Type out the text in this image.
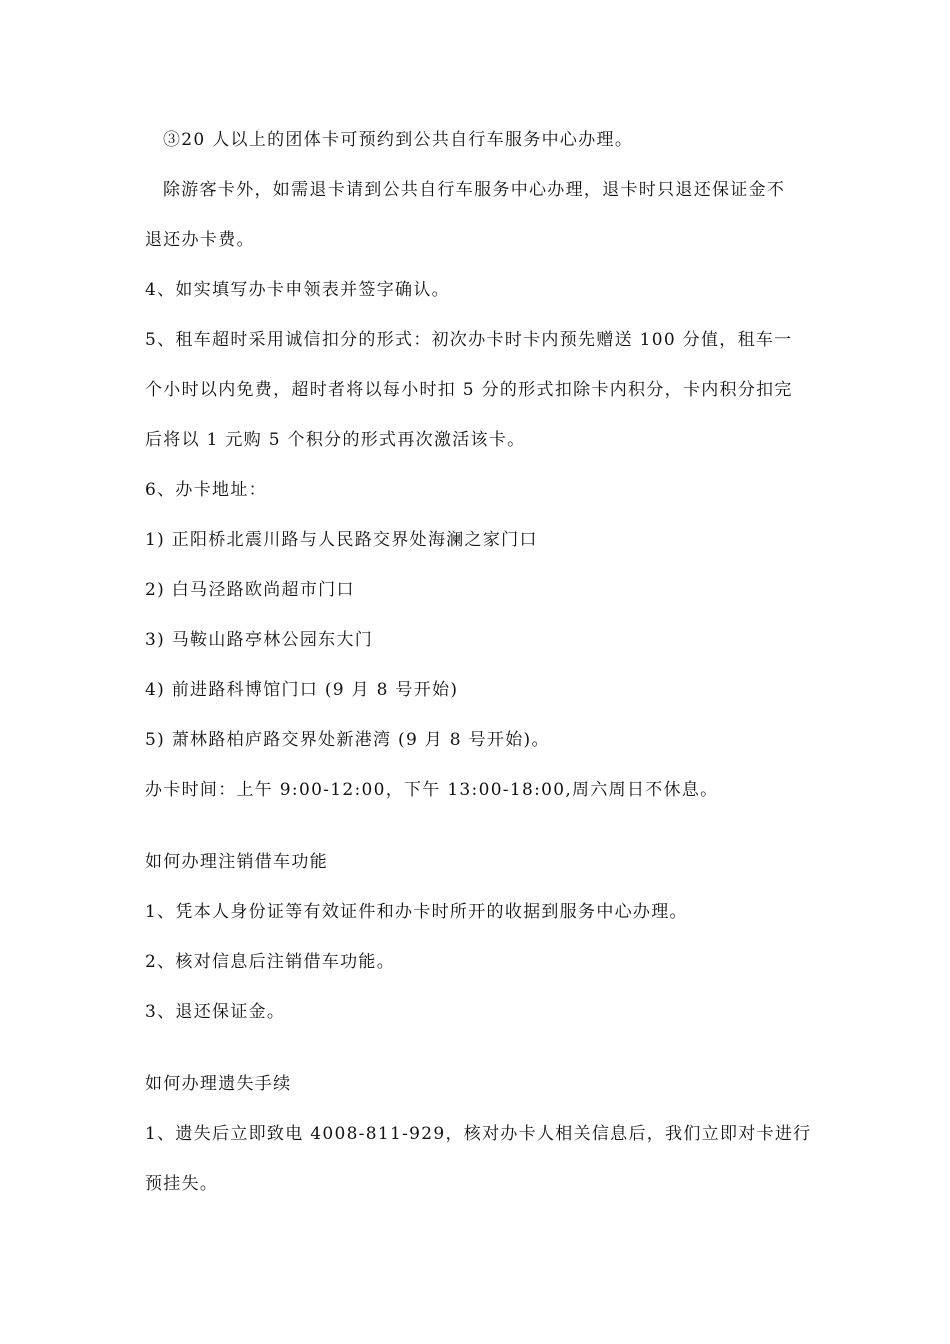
③20 人以上的团体卡可预约到公共自行车服务中心办理。

除游客卡外，如需退卡请到公共自行车服务中心办理，退卡时只退还保证金不

退还办卡费。

4、如实填写办卡申领表并签字确认。

5、租车超时采用诚信扣分的形式：初次办卡时卡内预先赠送 100 分值，租车一

个小时以内免费，超时者将以每小时扣 5 分的形式扣除卡内积分，卡内积分扣完

后将以 1 元购 5 个积分的形式再次激活该卡。

6、办卡地址：

1) 正阳桥北震川路与人民路交界处海澜之家门口

2) 白马泾路欧尚超市门口

3) 马鞍山路亭林公园东大门

4) 前进路科博馆门口 (9 月 8 号开始)

5) 萧林路柏庐路交界处新港湾 (9 月 8 号开始)。

办卡时间：上午 9:00-12:00，下午 13:00-18:00,周六周日不休息。

如何办理注销借车功能

1、凭本人身份证等有效证件和办卡时所开的收据到服务中心办理。

2、核对信息后注销借车功能。

3、退还保证金。

如何办理遗失手续

1、遗失后立即致电 4008-811-929，核对办卡人相关信息后，我们立即对卡进行

预挂失。
